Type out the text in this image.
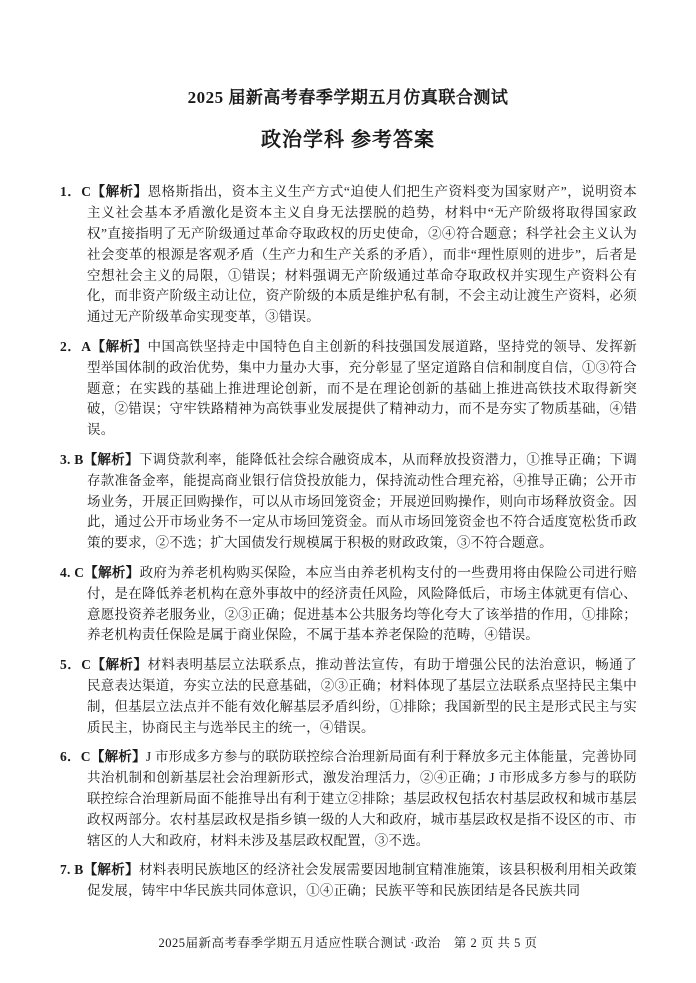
2025 届新高考春季学期五月仿真联合测试
政治学科 参考答案

1．C【解析】恩格斯指出，资本主义生产方式“迫使人们把生产资料变为国家财产”，说明资本主义社会基本矛盾激化是资本主义自身无法摆脱的趋势，材料中“无产阶级将取得国家政权”直接指明了无产阶级通过革命夺取政权的历史使命，②④符合题意；科学社会主义认为社会变革的根源是客观矛盾（生产力和生产关系的矛盾），而非“理性原则的进步”，后者是空想社会主义的局限，①错误；材料强调无产阶级通过革命夺取政权并实现生产资料公有化，而非资产阶级主动让位，资产阶级的本质是维护私有制，不会主动让渡生产资料，必须通过无产阶级革命实现变革，③错误。

2．A【解析】中国高铁坚持走中国特色自主创新的科技强国发展道路，坚持党的领导、发挥新型举国体制的政治优势，集中力量办大事，充分彰显了坚定道路自信和制度自信，①③符合题意；在实践的基础上推进理论创新，而不是在理论创新的基础上推进高铁技术取得新突破，②错误；守牢铁路精神为高铁事业发展提供了精神动力，而不是夯实了物质基础，④错误。

3. B【解析】下调贷款利率，能降低社会综合融资成本，从而释放投资潜力，①推导正确；下调存款准备金率，能提高商业银行信贷投放能力，保持流动性合理充裕，④推导正确；公开市场业务，开展正回购操作，可以从市场回笼资金；开展逆回购操作，则向市场释放资金。因此，通过公开市场业务不一定从市场回笼资金。而从市场回笼资金也不符合适度宽松货币政策的要求，②不选；扩大国债发行规模属于积极的财政政策，③不符合题意。

4. C【解析】政府为养老机构购买保险，本应当由养老机构支付的一些费用将由保险公司进行赔付，是在降低养老机构在意外事故中的经济责任风险，风险降低后，市场主体就更有信心、意愿投资养老服务业，②③正确；促进基本公共服务均等化夸大了该举措的作用，①排除；养老机构责任保险是属于商业保险，不属于基本养老保险的范畴，④错误。

5．C【解析】材料表明基层立法联系点，推动普法宣传，有助于增强公民的法治意识，畅通了民意表达渠道，夯实立法的民意基础，②③正确；材料体现了基层立法联系点坚持民主集中制，但基层立法点并不能有效化解基层矛盾纠纷，①排除；我国新型的民主是形式民主与实质民主，协商民主与选举民主的统一，④错误。

6．C【解析】J 市形成多方参与的联防联控综合治理新局面有利于释放多元主体能量，完善协同共治机制和创新基层社会治理新形式，激发治理活力，②④正确；J 市形成多方参与的联防联控综合治理新局面不能推导出有利于建立②排除；基层政权包括农村基层政权和城市基层政权两部分。农村基层政权是指乡镇一级的人大和政府，城市基层政权是指不设区的市、市辖区的人大和政府，材料未涉及基层政权配置，③不选。

7. B【解析】材料表明民族地区的经济社会发展需要因地制宜精准施策，该县积极利用相关政策促发展，铸牢中华民族共同体意识，①④正确；民族平等和民族团结是各民族共同

2025届新高考春季学期五月适应性联合测试 ·政治　第 2 页 共 5 页
